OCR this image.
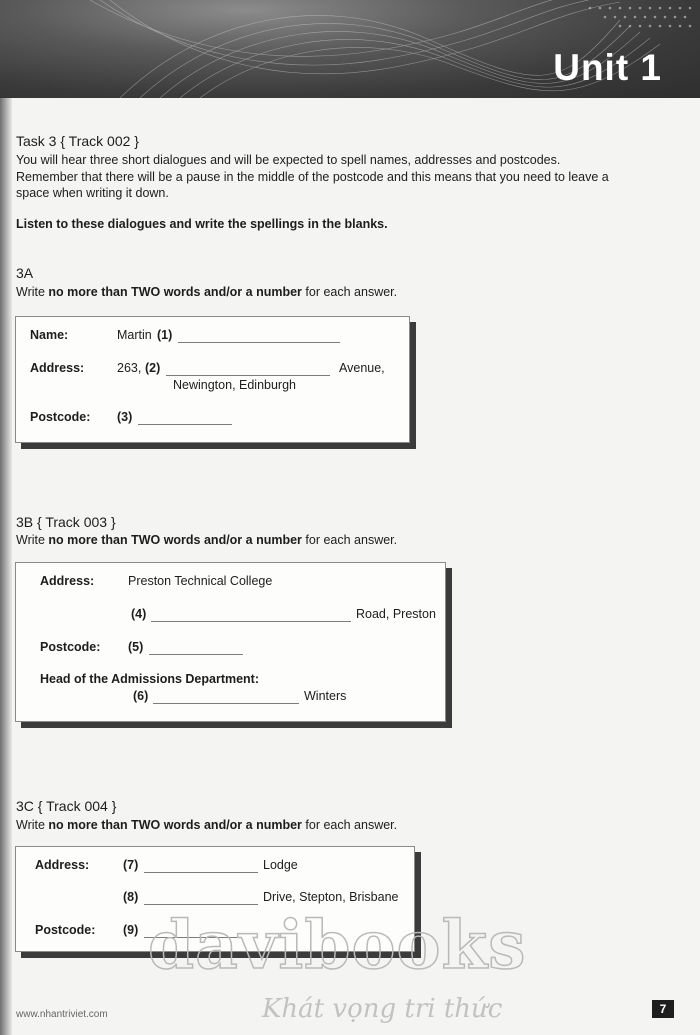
Unit 1
Task 3 { Track 002 }
You will hear three short dialogues and will be expected to spell names, addresses and postcodes.
Remember that there will be a pause in the middle of the postcode and this means that you need to leave a
space when writing it down.
Listen to these dialogues and write the spellings in the blanks.
3A
Write no more than TWO words and/or a number for each answer.
Name:	Martin (1)
Address:	263, (2)	Avenue,
Newington, Edinburgh
Postcode: (3)
3B { Track 003 }
Write no more than TWO words and/or a number for each answer.
Address:	Preston Technical College
(4)	Road, Preston
Postcode: (5)
Head of the Admissions Department:
(6)	Winters
3C { Track 004 }
Write no more than TWO words and/or a number for each answer.
Address:	(7)	Lodge
(8)	Drive, Stepton, Brisbane
Postcode: (9) davibooks
Khát vọng tri thức
www.nhantriviet.com	7
